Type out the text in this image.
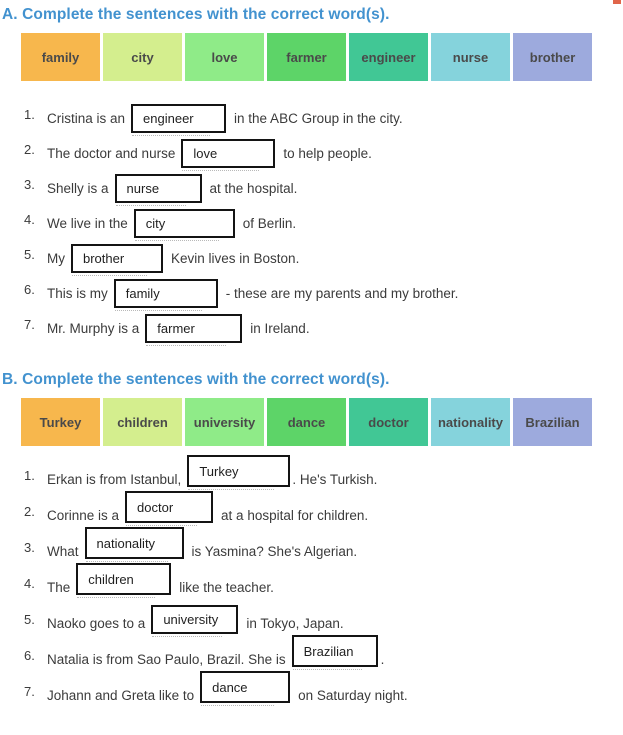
A. Complete the sentences with the correct word(s).
family	city	love	farmer	engineer	nurse	brother
1. Cristina is an	engineer	in the ABC Group in the city.
2. The doctor and nurse	love	to help people.
3. Shelly is a	nurse	at the hospital.
4. We live in the	city	of Berlin.
5. My	brother	Kevin lives in Boston.
6. This is my	family	- these are my parents and my brother.
7. Mr. Murphy is a	farmer	in Ireland.
B. Complete the sentences with the correct word(s).
Turkey	children	university	dance	doctor	nationality	Brazilian
1. Erkan is from Istanbul,
Turkey
. He's Turkish.
2. Corinne is a
doctor
at a hospital for children.
3. What
nationality
is Yasmina? She's Algerian.
4. The
children
like the teacher.
5. Naoko goes to a	university	in Tokyo, Japan.
6. Natalia is from Sao Paulo, Brazil. She is
Brazilian
.
7. Johann and Greta like to
dance
on Saturday night.
